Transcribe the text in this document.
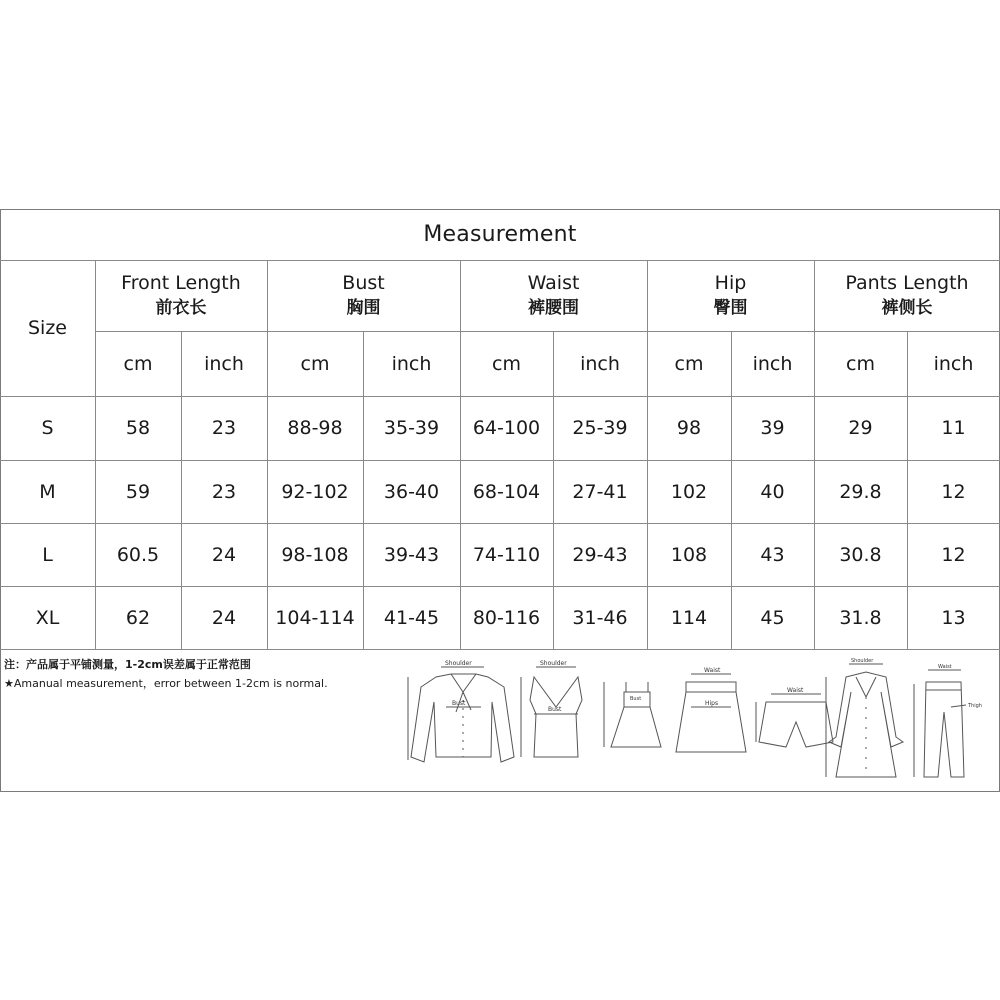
Measurement
Size
Front Length
前衣长
Bust
胸围
Waist
裤腰围
Hip
臀围
Pants Length
裤侧长
cm	inch	cm	inch	cm	inch	cm	inch	cm	inch
S	58	23	88-98	35-39	64-100	25-39	98	39	29	11
M	59	23	92-102	36-40	68-104	27-41	102	40	29.8	12
L	60.5	24	98-108	39-43	74-110	29-43	108	43	30.8	12
XL	62	24	104-114	41-45	80-116	31-46	114	45	31.8	13
注：产品属于平铺测量，1-2cm误差属于正常范围
★Amanual measurement，error between 1-2cm is normal.
Shoulder
Bust
Shoulder
Bust
Bust
Waist
Hips
Waist
Shoulder
Waist
Thigh
